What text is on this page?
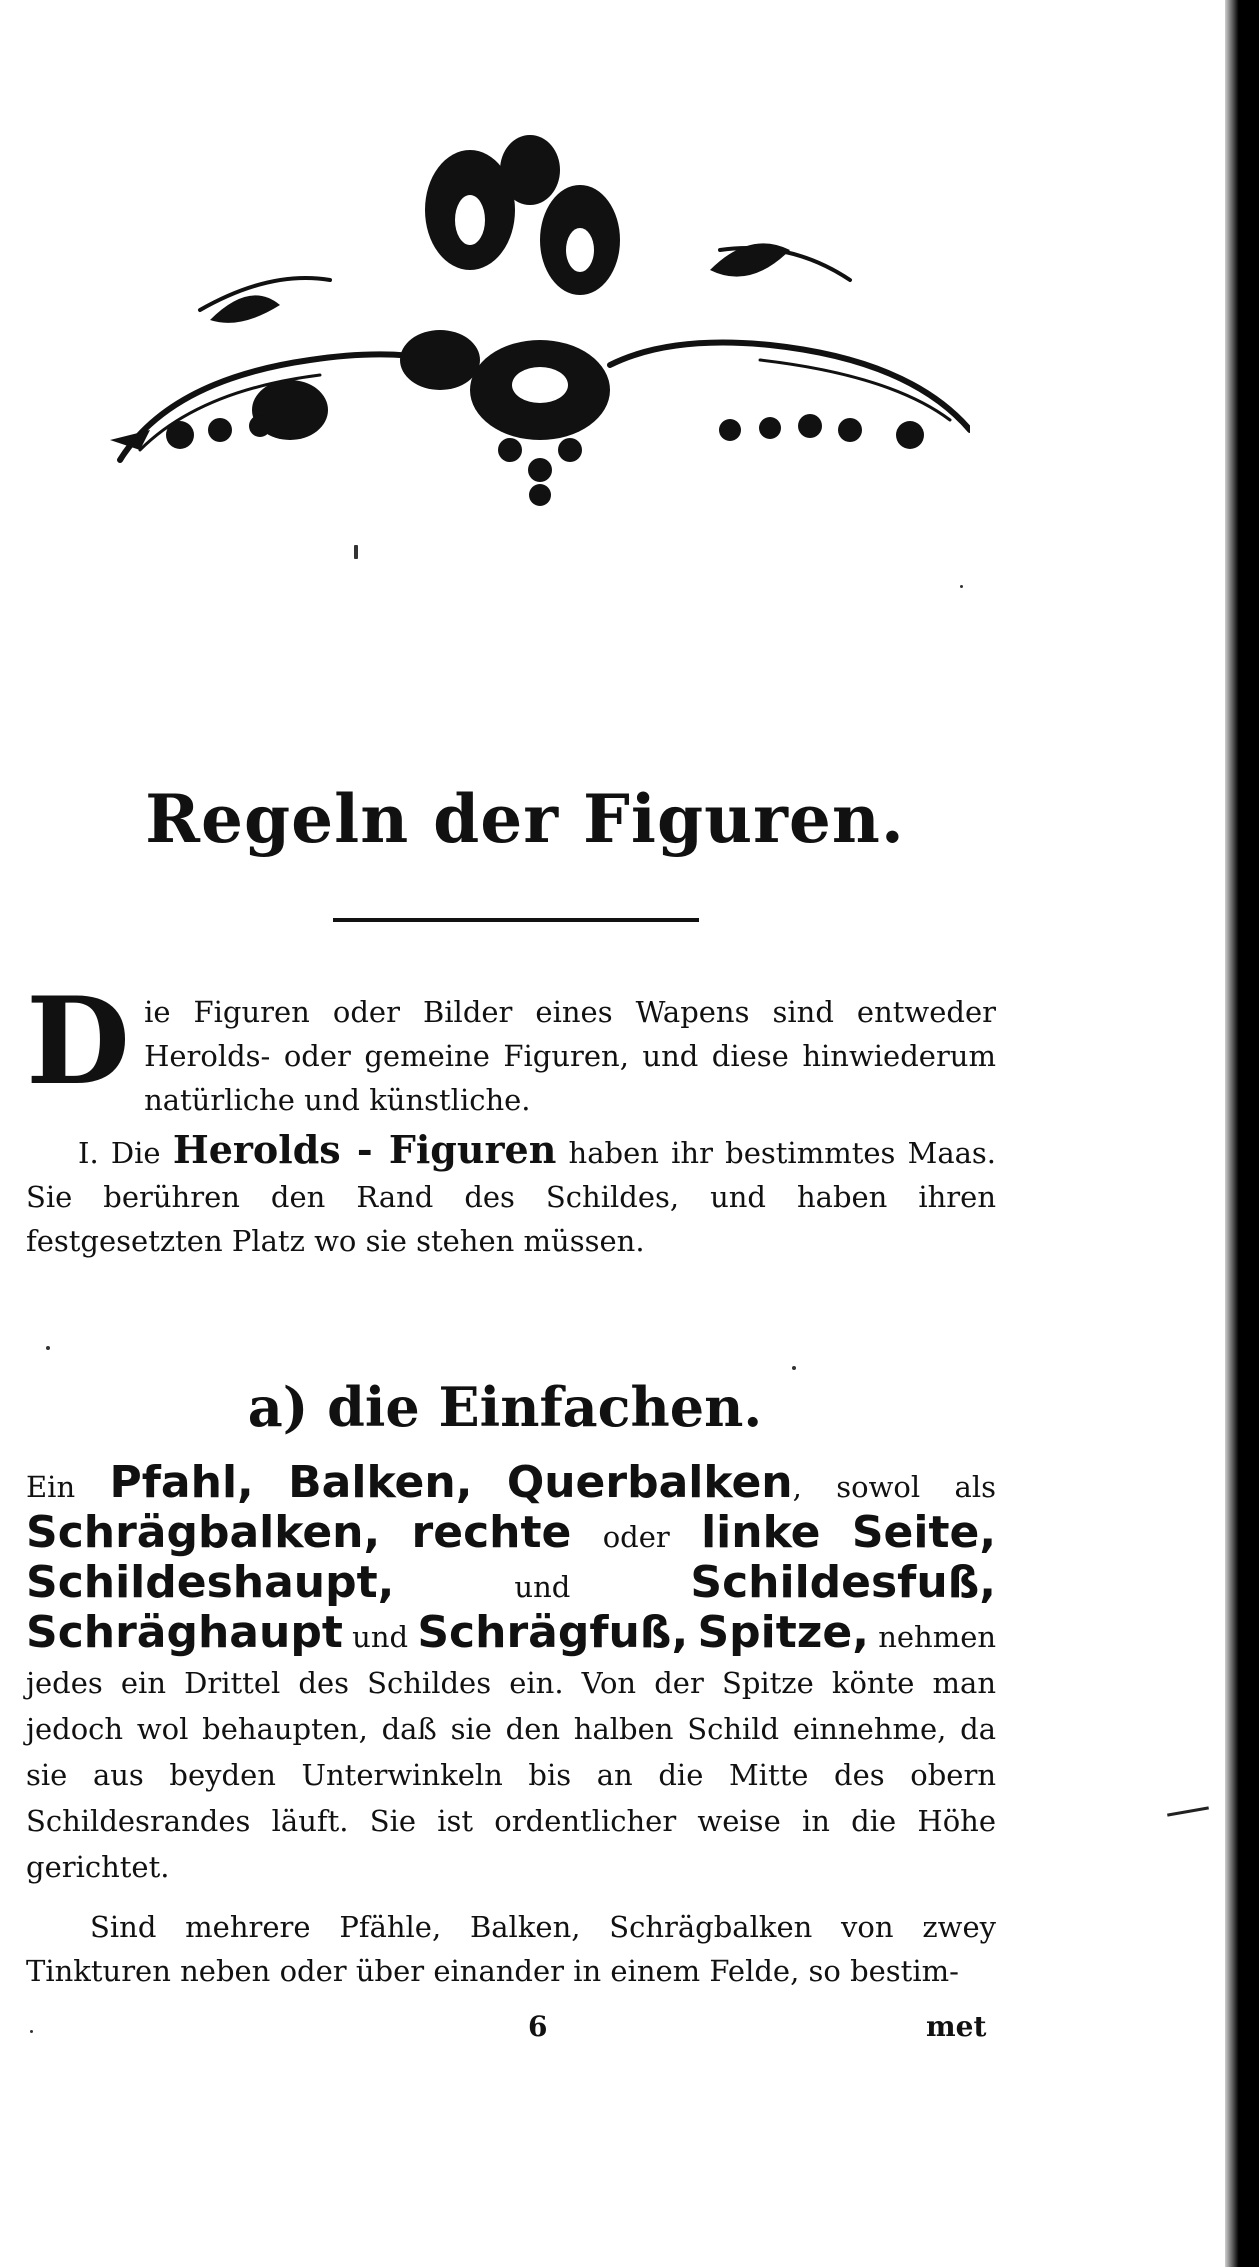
Regeln der Figuren.
Die Figuren oder Bilder eines Wapens sind entweder Herolds- oder gemeine Figuren, und diese hinwiederum natürliche und künstliche.
I. Die Herolds - Figuren haben ihr bestimmtes Maas. Sie berühren den Rand des Schildes, und haben ihren festgesetzten Platz wo sie stehen müssen.
a) die Einfachen.
Ein Pfahl, Balken, Querbalken, sowol als Schrägbalken, rechte oder linke Seite, Schildeshaupt,	und	Schildesfuß, Schräghaupt und Schrägfuß, Spitze, nehmen jedes ein Drittel des Schildes ein. Von der Spitze könte man jedoch wol behaupten, daß sie den halben Schild einnehme, da sie aus beyden Unterwinkeln bis an die Mitte des obern Schildesrandes läuft. Sie ist ordentlicher weise in die Höhe gerichtet.
Sind mehrere Pfähle, Balken, Schrägbalken von zwey Tinkturen neben oder über einander in einem Felde, so bestim-
6	met
